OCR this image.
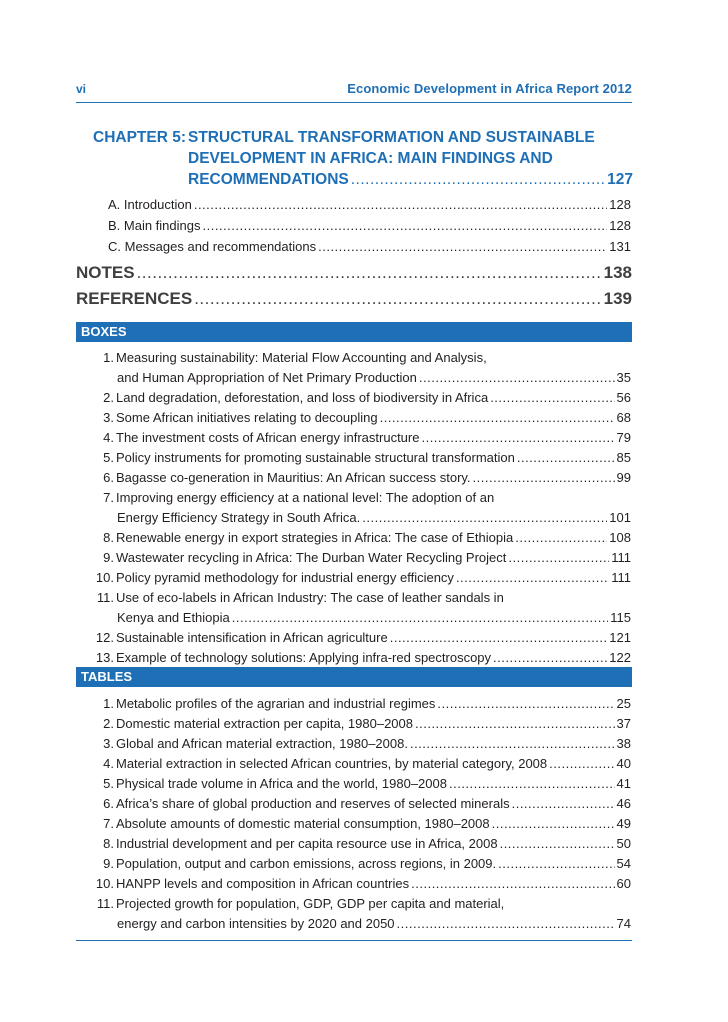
vi	Economic Development in Africa Report 2012
CHAPTER 5: STRUCTURAL TRANSFORMATION AND SUSTAINABLE
DEVELOPMENT IN AFRICA: MAIN FINDINGS AND
RECOMMENDATIONS .....	127
A. Introduction .....	128
B. Main findings .....	128
C. Messages and recommendations .....	131
NOTES .....	138
REFERENCES .....	139
BOXES
1. Measuring sustainability: Material Flow Accounting and Analysis,
and Human Appropriation of Net Primary Production .....	35
2. Land degradation, deforestation, and loss of biodiversity in Africa .....	56
3. Some African initiatives relating to decoupling .....	68
4. The investment costs of African energy infrastructure .....	79
5. Policy instruments for promoting sustainable structural transformation .....	85
6. Bagasse co-generation in Mauritius: An African success story. .....	99
7. Improving energy efficiency at a national level: The adoption of an
Energy Efficiency Strategy in South Africa. .....	101
8. Renewable energy in export strategies in Africa: The case of Ethiopia .....	108
9. Wastewater recycling in Africa: The Durban Water Recycling Project .....	111
10. Policy pyramid methodology for industrial energy efficiency .....	111
11. Use of eco-labels in African Industry: The case of leather sandals in
Kenya and Ethiopia .....	115
12. Sustainable intensification in African agriculture .....	121
13. Example of technology solutions: Applying infra-red spectroscopy .....	122
TABLES
1. Metabolic profiles of the agrarian and industrial regimes .....	25
2. Domestic material extraction per capita, 1980–2008 .....	37
3. Global and African material extraction, 1980–2008. .....	38
4. Material extraction in selected African countries, by material category, 2008 .....	40
5. Physical trade volume in Africa and the world, 1980–2008 .....	41
6. Africa’s share of global production and reserves of selected minerals .....	46
7. Absolute amounts of domestic material consumption, 1980–2008 .....	49
8. Industrial development and per capita resource use in Africa, 2008 .....	50
9. Population, output and carbon emissions, across regions, in 2009. .....	54
10. HANPP levels and composition in African countries .....	60
11. Projected growth for population, GDP, GDP per capita and material,
energy and carbon intensities by 2020 and 2050 .....	74
